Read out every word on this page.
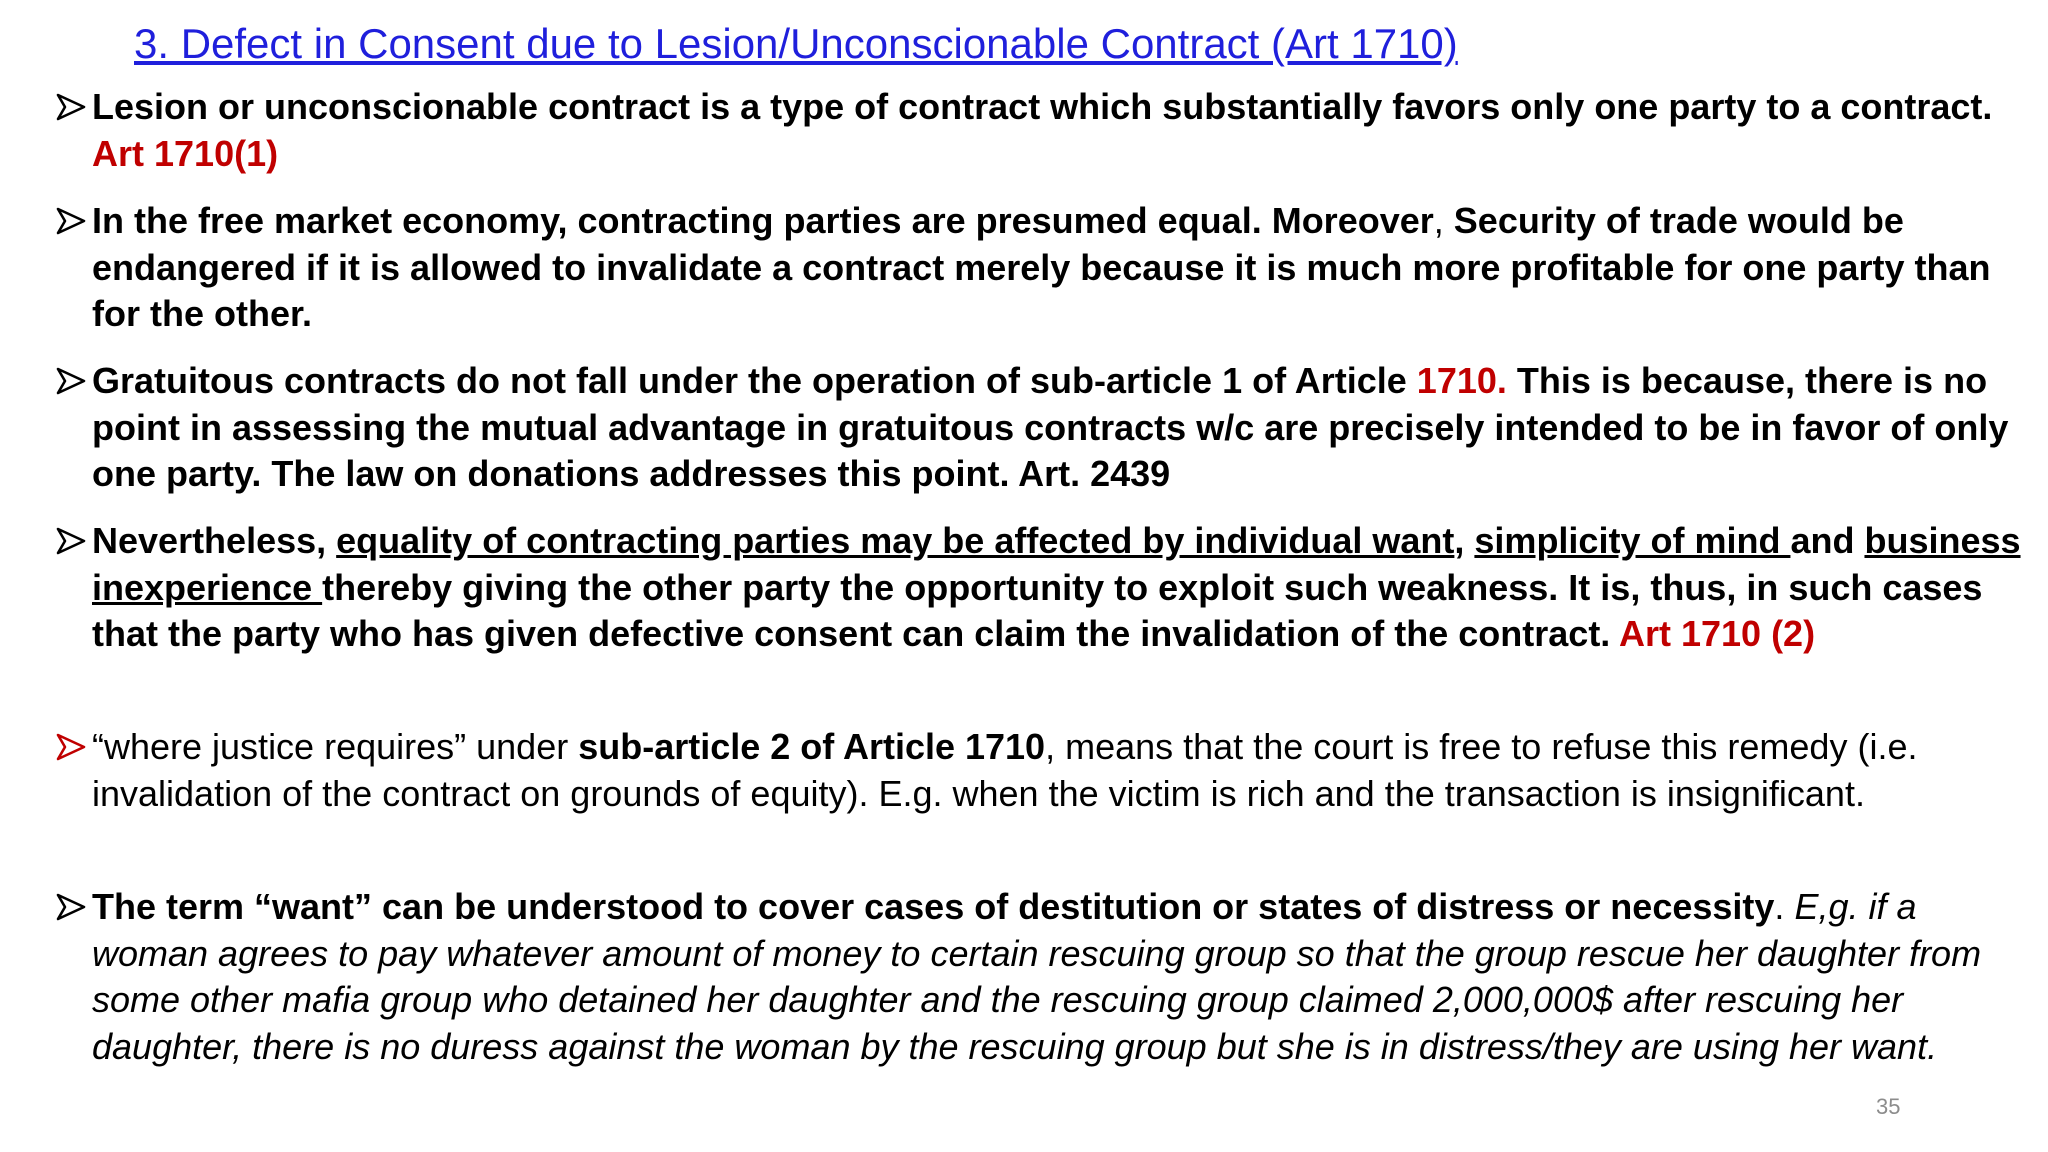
3. Defect in Consent due to Lesion/Unconscionable Contract (Art 1710)
Lesion or unconscionable contract is a type of contract which substantially favors only one party to a contract. Art 1710(1)
In the free market economy, contracting parties are presumed equal. Moreover, Security of trade would be endangered if it is allowed to invalidate a contract merely because it is much more profitable for one party than for the other.
Gratuitous contracts do not fall under the operation of sub-article 1 of Article 1710. This is because, there is no point in assessing the mutual advantage in gratuitous contracts w/c are precisely intended to be in favor of only one party. The law on donations addresses this point. Art. 2439
Nevertheless, equality of contracting parties may be affected by individual want, simplicity of mind and business inexperience thereby giving the other party the opportunity to exploit such weakness. It is, thus, in such cases that the party who has given defective consent can claim the invalidation of the contract. Art 1710 (2)
“where justice requires” under sub-article 2 of Article 1710, means that the court is free to refuse this remedy (i.e. invalidation of the contract on grounds of equity). E.g. when the victim is rich and the transaction is insignificant.
The term “want” can be understood to cover cases of destitution or states of distress or necessity. E,g. if a woman agrees to pay whatever amount of money to certain rescuing group so that the group rescue her daughter from some other mafia group who detained her daughter and the rescuing group claimed 2,000,000$ after rescuing her daughter, there is no duress against the woman by the rescuing group but she is in distress/they are using her want.
35
